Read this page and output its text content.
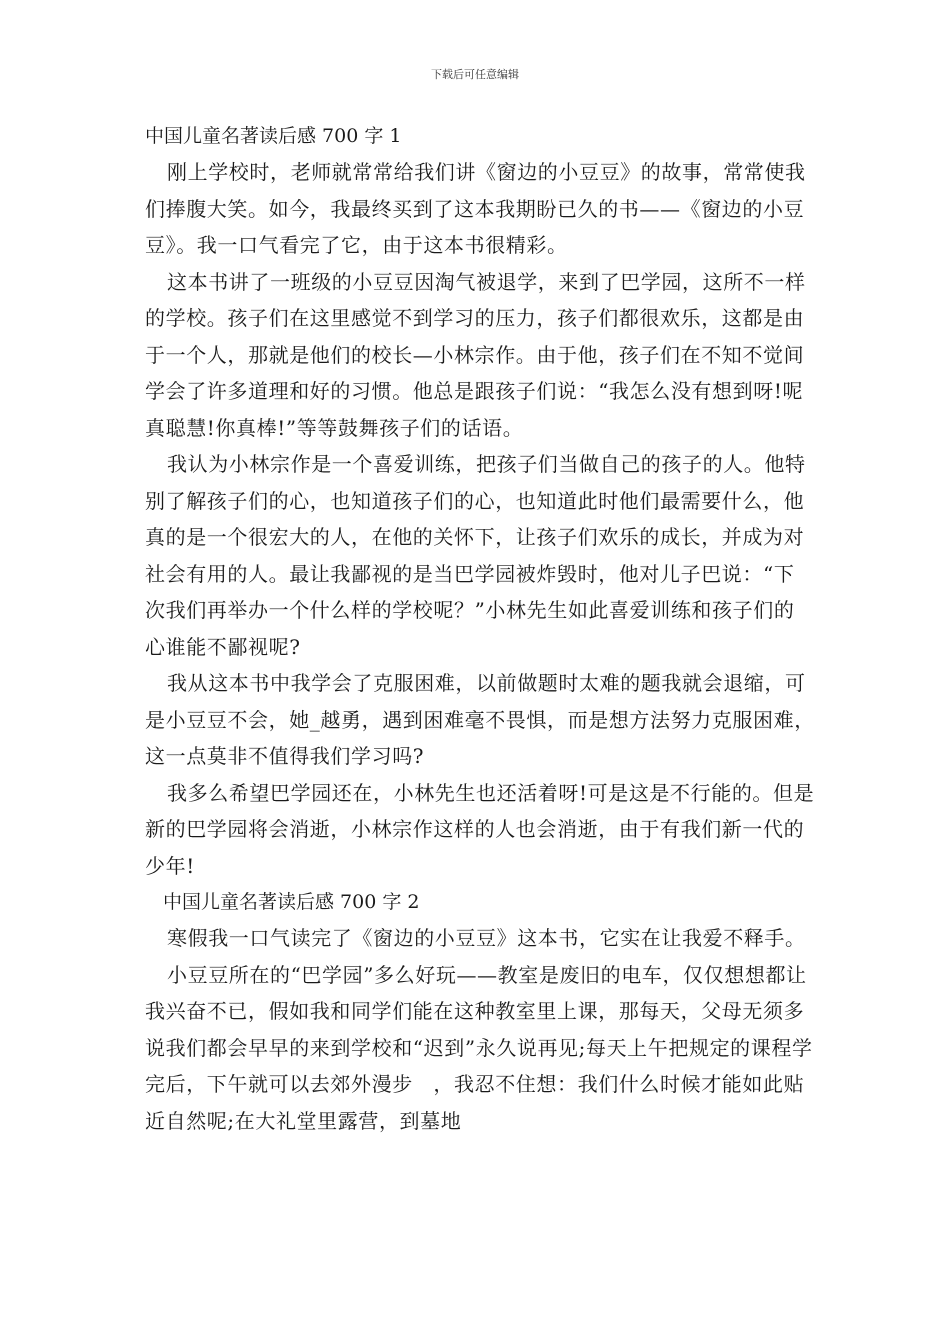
下载后可任意编辑

中国儿童名著读后感 700 字 1

刚上学校时，老师就常常给我们讲《窗边的小豆豆》的故事，常常使我们捧腹大笑。如今，我最终买到了这本我期盼已久的书——《窗边的小豆豆》。我一口气看完了它，由于这本书很精彩。

这本书讲了一班级的小豆豆因淘气被退学，来到了巴学园，这所不一样的学校。孩子们在这里感觉不到学习的压力，孩子们都很欢乐，这都是由于一个人，那就是他们的校长—小林宗作。由于他，孩子们在不知不觉间学会了许多道理和好的习惯。他总是跟孩子们说：“我怎么没有想到呀!呢真聪慧!你真棒!”等等鼓舞孩子们的话语。

我认为小林宗作是一个喜爱训练，把孩子们当做自己的孩子的人。他特别了解孩子们的心，也知道孩子们的心，也知道此时他们最需要什么，他真的是一个很宏大的人，在他的关怀下，让孩子们欢乐的成长，并成为对社会有用的人。最让我鄙视的是当巴学园被炸毁时，他对儿子巴说：“下次我们再举办一个什么样的学校呢？”小林先生如此喜爱训练和孩子们的心谁能不鄙视呢?

我从这本书中我学会了克服困难，以前做题时太难的题我就会退缩，可是小豆豆不会，她_越勇，遇到困难毫不畏惧，而是想方法努力克服困难，这一点莫非不值得我们学习吗?

我多么希望巴学园还在，小林先生也还活着呀!可是这是不行能的。但是新的巴学园将会消逝，小林宗作这样的人也会消逝，由于有我们新一代的少年!

中国儿童名著读后感 700 字 2

寒假我一口气读完了《窗边的小豆豆》这本书，它实在让我爱不释手。

小豆豆所在的“巴学园”多么好玩——教室是废旧的电车，仅仅想想都让我兴奋不已，假如我和同学们能在这种教室里上课，那每天，父母无须多说我们都会早早的来到学校和“迟到”永久说再见;每天上午把规定的课程学完后，下午就可以去郊外漫步　，我忍不住想：我们什么时候才能如此贴近自然呢;在大礼堂里露营，到墓地
